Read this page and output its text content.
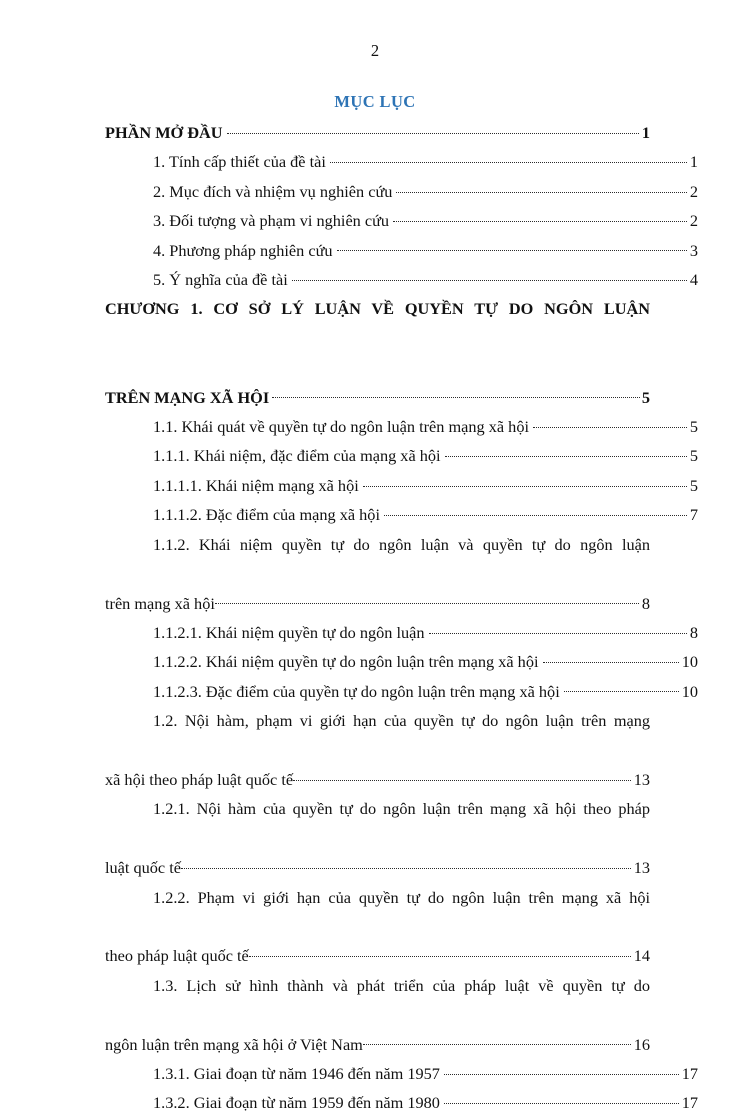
2
MỤC LỤC
PHẦN MỞ ĐẦU	1
1. Tính cấp thiết của đề tài	1
2. Mục đích và nhiệm vụ nghiên cứu	2
3. Đối tượng và phạm vi nghiên cứu	2
4. Phương pháp nghiên cứu	3
5. Ý nghĩa của đề tài	4
CHƯƠNG 1. CƠ SỞ LÝ LUẬN VỀ QUYỀN TỰ DO NGÔN LUẬN
TRÊN MẠNG XÃ HỘI	5
1.1. Khái quát về quyền tự do ngôn luận trên mạng xã hội	5
1.1.1. Khái niệm, đặc điểm của mạng xã hội	5
1.1.1.1. Khái niệm mạng xã hội	5
1.1.1.2. Đặc điểm của mạng xã hội	7
1.1.2. Khái niệm quyền tự do ngôn luận và quyền tự do ngôn luận
trên mạng xã hội	8
1.1.2.1. Khái niệm quyền tự do ngôn luận	8
1.1.2.2. Khái niệm quyền tự do ngôn luận trên mạng xã hội	10
1.1.2.3. Đặc điểm của quyền tự do ngôn luận trên mạng xã hội	10
1.2. Nội hàm, phạm vi giới hạn của quyền tự do ngôn luận trên mạng
xã hội theo pháp luật quốc tế	13
1.2.1. Nội hàm của quyền tự do ngôn luận trên mạng xã hội theo pháp
luật quốc tế	13
1.2.2. Phạm vi giới hạn của quyền tự do ngôn luận trên mạng xã hội
theo pháp luật quốc tế	14
1.3. Lịch sử hình thành và phát triển của pháp luật về quyền tự do
ngôn luận trên mạng xã hội ở Việt Nam	16
1.3.1. Giai đoạn từ năm 1946 đến năm 1957	17
1.3.2. Giai đoạn từ năm 1959 đến năm 1980	17
